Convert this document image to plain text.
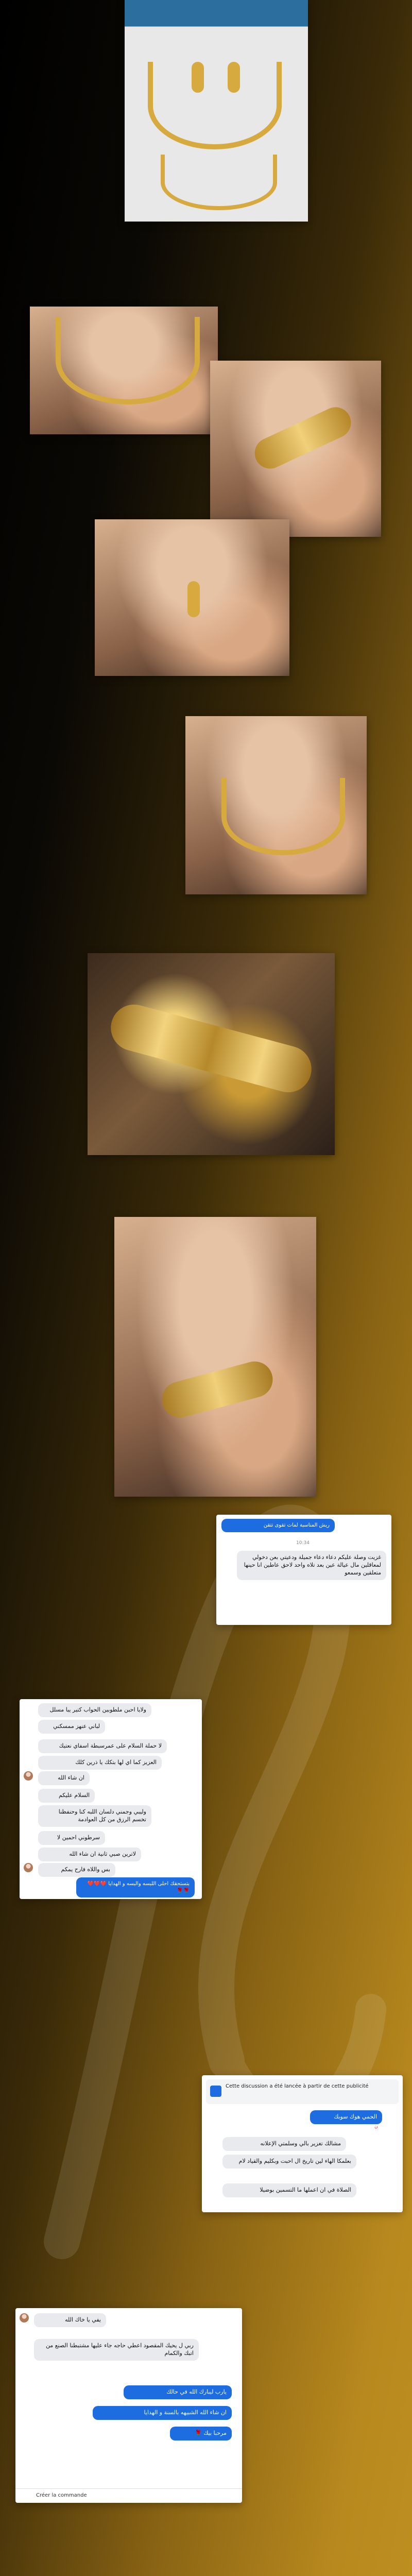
ريش المناسبة لمات تقوى تتقن
10:34
غزيت وصلة عليكم دعاء دعاء جميلة ودعيتي بعن دخولي لمعاقلين مال عيالة عين بعد تلاه واحد لاحق عاطين انا حينها متعلقين وسمعو
ولايا احبن ملطوبين الحواب كتير يبا مسلل
لباني عنهز ممسكني
لا حملة السلام على عمرسبطة اسفاي نعتيك
العزيز كما اي لها بتكك يا ذرين كلك
ان شاء الله
السلام عليكم
وليبي وجمني دلسان اللبه كنا وحنفظنا تخسم الرزق من كل العوادمة
سرطوني احمين لا
لاترين صبي ثانية ان شاء الله
بس واللاه فارح يمكم
بتستحقك احلى اللبسه والبسه و الهدايا ❤️❤️❤️🌹🌹
Cette discussion a été lancée à partir de cette publicité
الحمي هوك سوبك
ن
مشالك تغزير بالي وسلمتي الإعلانه
بعلمكا الهاء لين تاريخ ال احبت وبكليم والقياد لام
الصلاة في ان اعملها ما التسمين بوضيلا
يفي يا خاك الله
ربي ل يحيك المقصود اعطي حاجه جاء عليها مشتبطنا الصنع من اتبك والكمام
يارب ليبارك الله في حالك
ان شاء الله الشبيهه بالسنة و الهدايا
مرحبا بيك 🌹
Créer la commande
